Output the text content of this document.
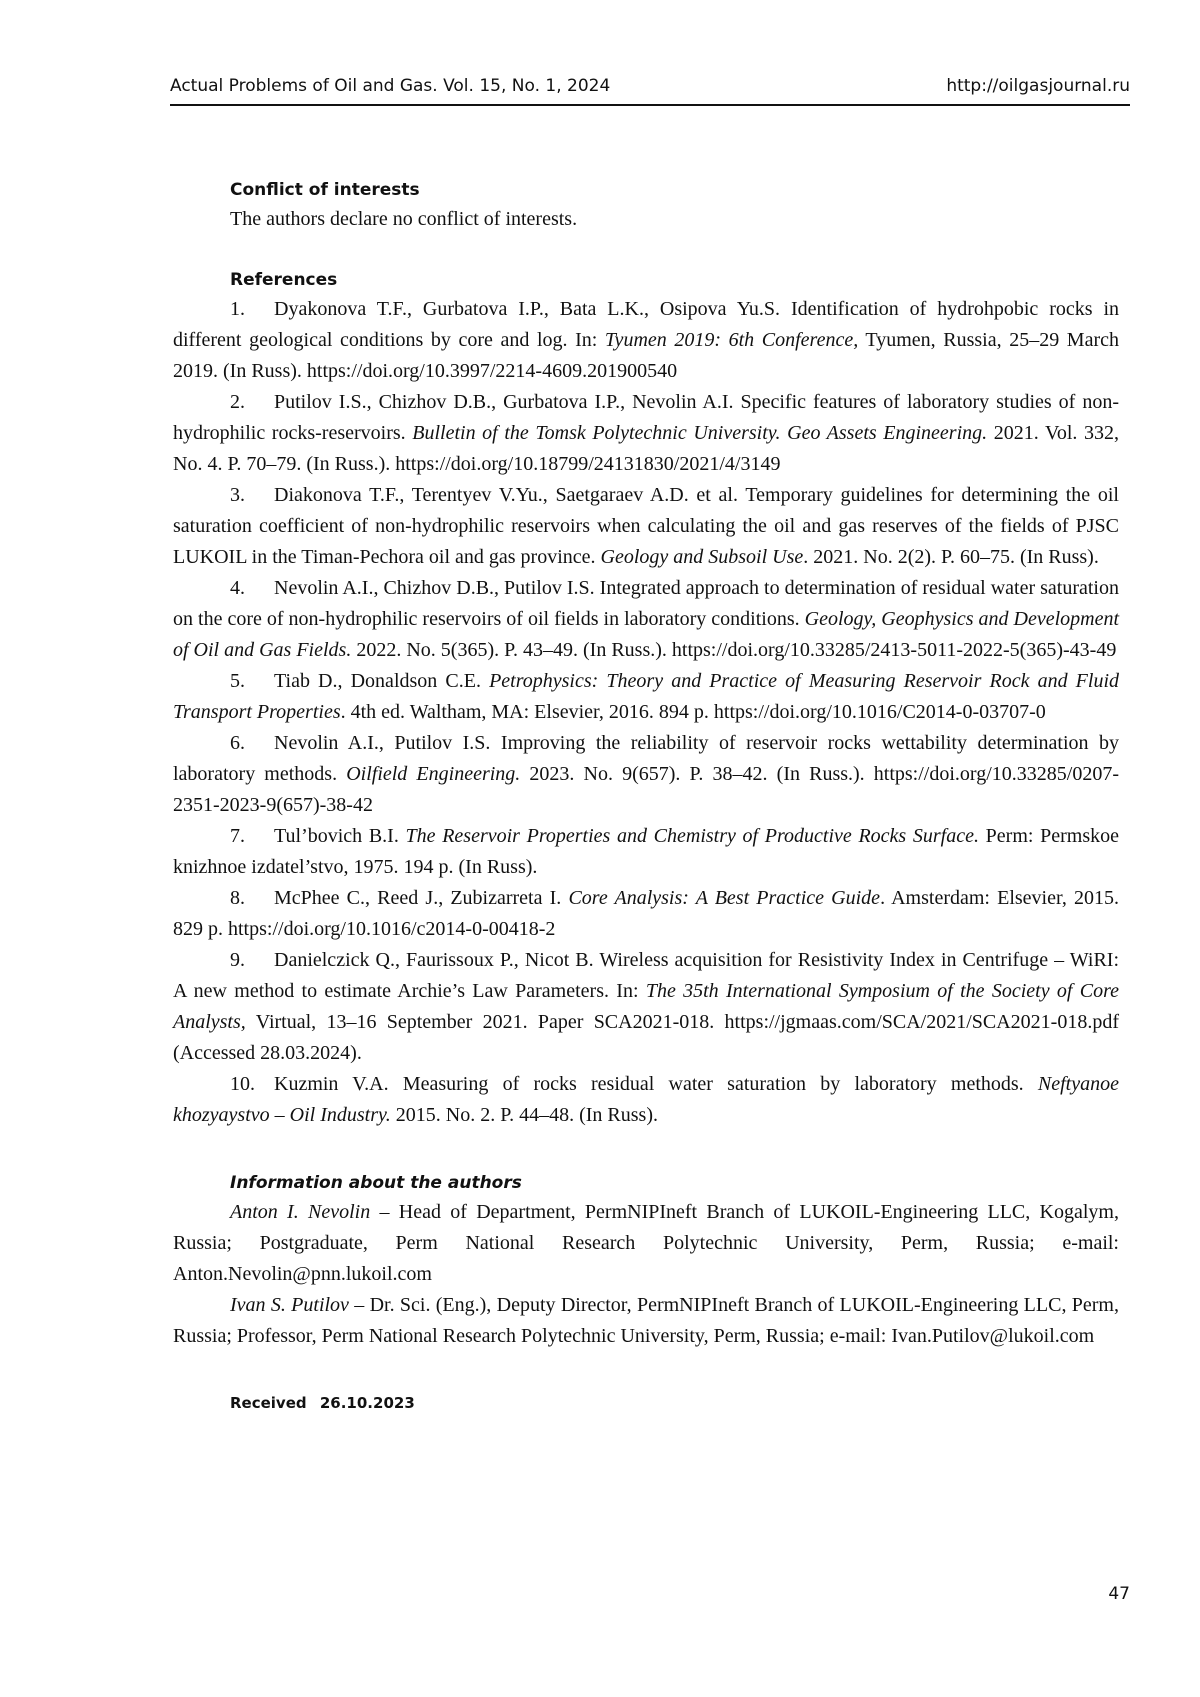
Actual Problems of Oil and Gas. Vol. 15, No. 1, 2024	http://oilgasjournal.ru

Conflict of interests

The authors declare no conflict of interests.

References

1. Dyakonova T.F., Gurbatova I.P., Bata L.K., Osipova Yu.S. Identification of hydrohpobic rocks in different geological conditions by core and log. In: Tyumen 2019: 6th Conference, Tyumen, Russia, 25–29 March 2019. (In Russ). https://doi.org/10.3997/2214-4609.201900540

2. Putilov I.S., Chizhov D.B., Gurbatova I.P., Nevolin A.I. Specific features of laboratory studies of non-hydrophilic rocks-reservoirs. Bulletin of the Tomsk Polytechnic University. Geo Assets Engineering. 2021. Vol. 332, No. 4. P. 70–79. (In Russ.). https://doi.org/10.18799/24131830/2021/4/3149

3. Diakonova T.F., Terentyev V.Yu., Saetgaraev A.D. et al. Temporary guidelines for determining the oil saturation coefficient of non-hydrophilic reservoirs when calculating the oil and gas reserves of the fields of PJSC LUKOIL in the Timan-Pechora oil and gas province. Geology and Subsoil Use. 2021. No. 2(2). P. 60–75. (In Russ).

4. Nevolin A.I., Chizhov D.B., Putilov I.S. Integrated approach to determination of residual water saturation on the core of non-hydrophilic reservoirs of oil fields in laboratory conditions. Geology, Geophysics and Development of Oil and Gas Fields. 2022. No. 5(365). P. 43–49. (In Russ.). https://doi.org/10.33285/2413-5011-2022-5(365)-43-49

5. Tiab D., Donaldson C.E. Petrophysics: Theory and Practice of Measuring Reservoir Rock and Fluid Transport Properties. 4th ed. Waltham, MA: Elsevier, 2016. 894 p. https://doi.org/10.1016/C2014-0-03707-0

6. Nevolin A.I., Putilov I.S. Improving the reliability of reservoir rocks wettability determination by laboratory methods. Oilfield Engineering. 2023. No. 9(657). P. 38–42. (In Russ.). https://doi.org/10.33285/0207-2351-2023-9(657)-38-42

7. Tul’bovich B.I. The Reservoir Properties and Chemistry of Productive Rocks Surface. Perm: Permskoe knizhnoe izdatel’stvo, 1975. 194 p. (In Russ).

8. McPhee C., Reed J., Zubizarreta I. Core Analysis: A Best Practice Guide. Amsterdam: Elsevier, 2015. 829 p. https://doi.org/10.1016/c2014-0-00418-2

9. Danielczick Q., Faurissoux P., Nicot B. Wireless acquisition for Resistivity Index in Centrifuge – WiRI: A new method to estimate Archie’s Law Parameters. In: The 35th International Symposium of the Society of Core Analysts, Virtual, 13–16 September 2021. Paper SCA2021-018. https://jgmaas.com/SCA/2021/SCA2021-018.pdf (Accessed 28.03.2024).

10. Kuzmin V.A. Measuring of rocks residual water saturation by laboratory methods. Neftyanoe khozyaystvo – Oil Industry. 2015. No. 2. P. 44–48. (In Russ).

Information about the authors

Anton I. Nevolin – Head of Department, PermNIPIneft Branch of LUKOIL-Engineering LLC, Kogalym, Russia; Postgraduate, Perm National Research Polytechnic University, Perm, Russia; e-mail: Anton.Nevolin@pnn.lukoil.com

Ivan S. Putilov – Dr. Sci. (Eng.), Deputy Director, PermNIPIneft Branch of LUKOIL-Engineering LLC, Perm, Russia; Professor, Perm National Research Polytechnic University, Perm, Russia; e-mail: Ivan.Putilov@lukoil.com

Received 26.10.2023

47
